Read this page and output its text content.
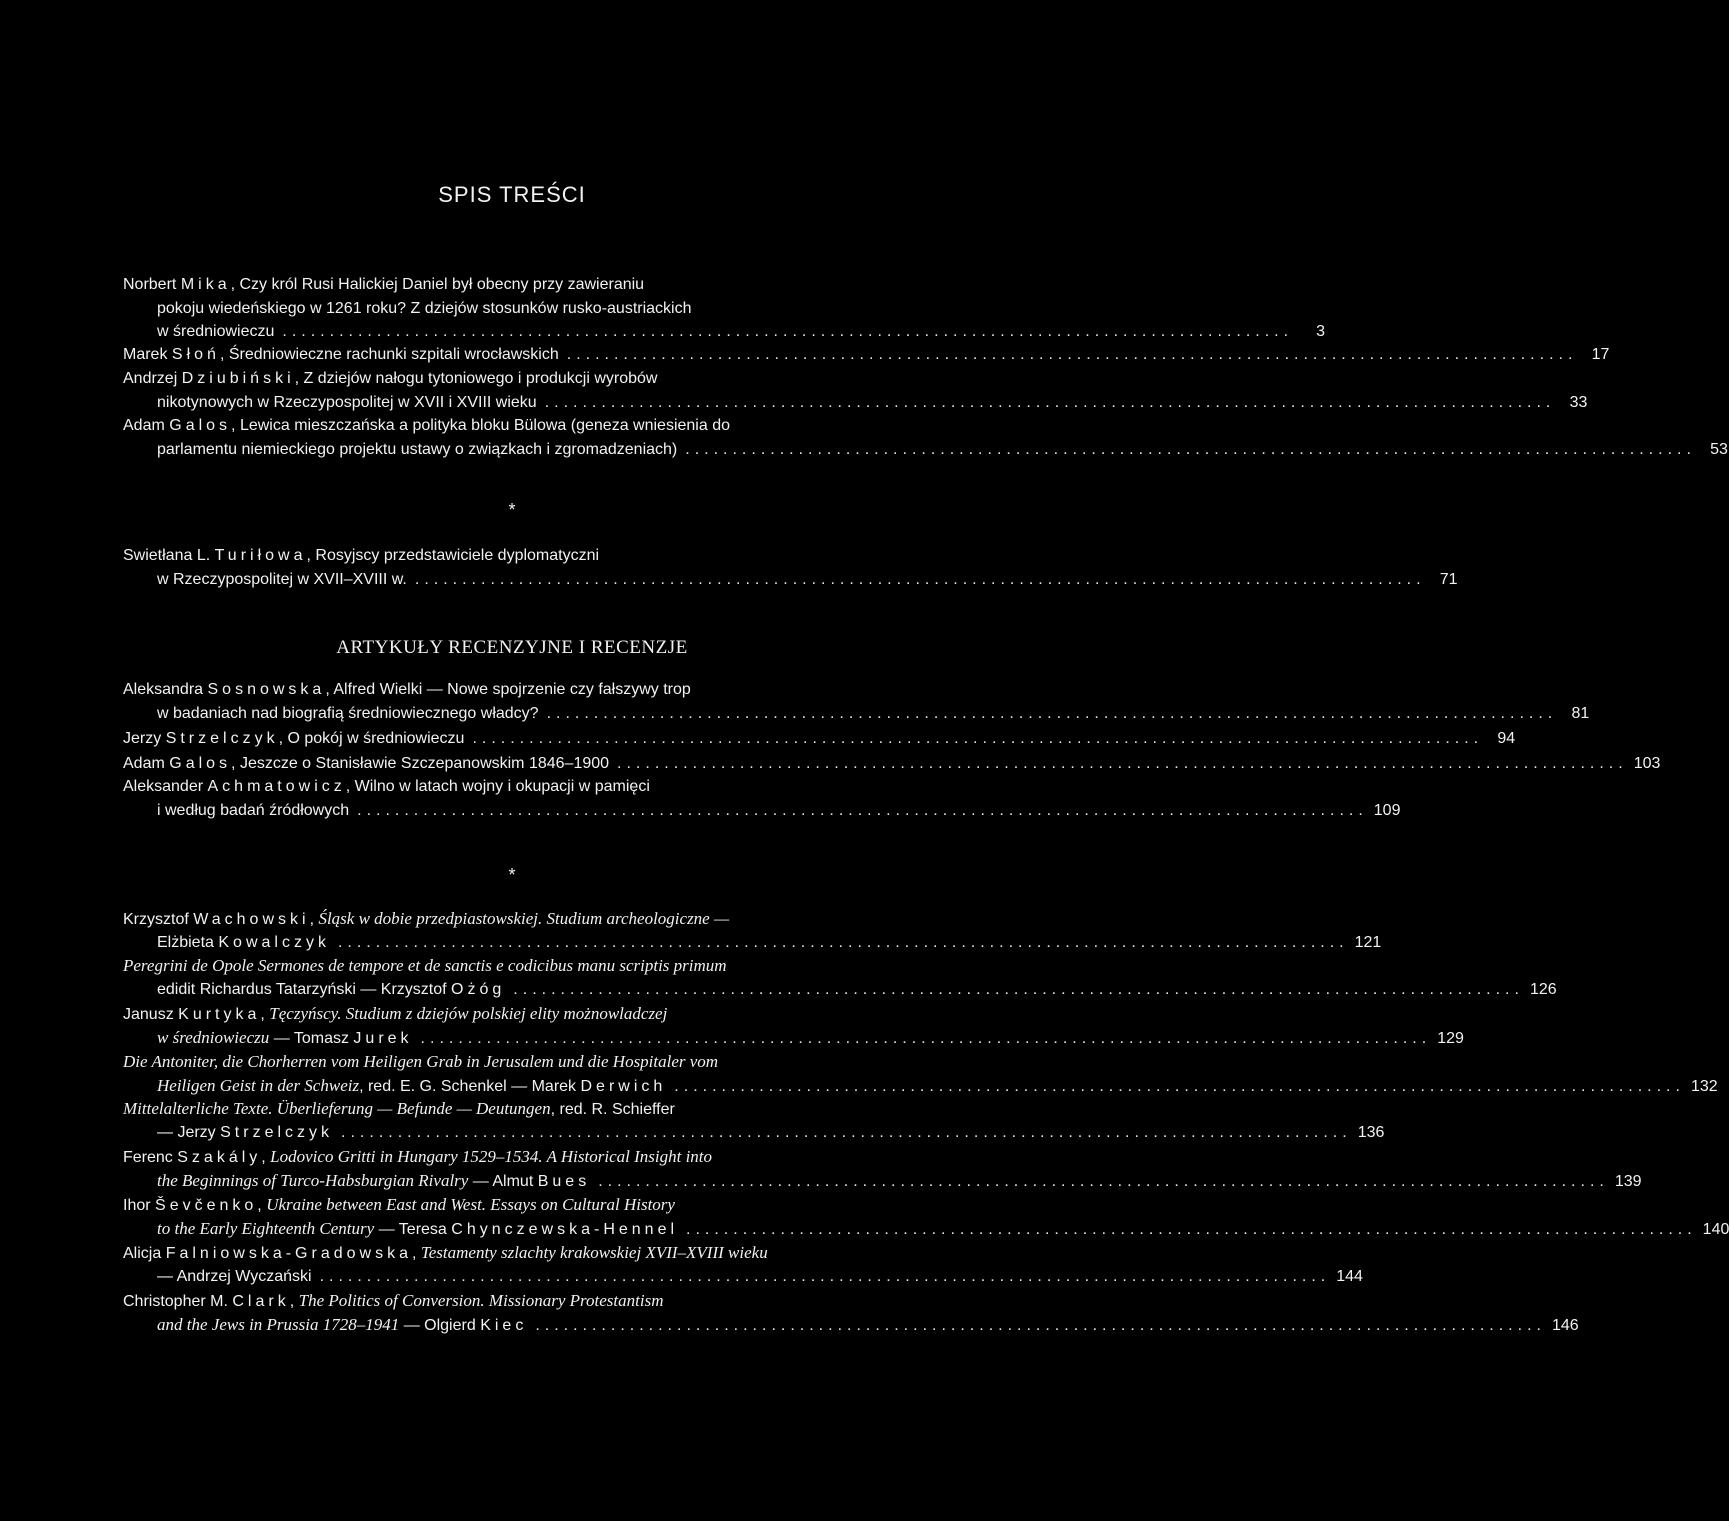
SPIS TREŚCI
Norbert Mika, Czy król Rusi Halickiej Daniel był obecny przy zawieraniu
pokoju wiedeńskiego w 1261 roku? Z dziejów stosunków rusko-austriackich
w średniowieczu ...........................................................................................................	3
Marek Słoń, Średniowieczne rachunki szpitali wrocławskich ........................................................................................................... 17
Andrzej Dziubiński, Z dziejów nałogu tytoniowego i produkcji wyrobów
nikotynowych w Rzeczypospolitej w XVII i XVIII wieku ........................................................................................................... 33
Adam Galos, Lewica mieszczańska a polityka bloku Bülowa (geneza wniesienia do
parlamentu niemieckiego projektu ustawy o związkach i zgromadzeniach) ........................................................................................................... 53
*
Swietłana L. Turiłowa, Rosyjscy przedstawiciele dyplomatyczni
w Rzeczypospolitej w XVII–XVIII w. ........................................................................................................... 71
ARTYKUŁY RECENZYJNE I RECENZJE
Aleksandra Sosnowska, Alfred Wielki — Nowe spojrzenie czy fałszywy trop
w badaniach nad biografią średniowiecznego władcy? ........................................................................................................... 81
Jerzy Strzelczyk, O pokój w średniowieczu ........................................................................................................... 94
Adam Galos, Jeszcze o Stanisławie Szczepanowskim 1846–1900 ........................................................................................................... 103
Aleksander Achmatowicz, Wilno w latach wojny i okupacji w pamięci
i według badań źródłowych ........................................................................................................... 109
*
Krzysztof Wachowski, Śląsk w dobie przedpiastowskiej. Studium archeologiczne —
Elżbieta Kowalczyk ........................................................................................................... 121
Peregrini de Opole Sermones de tempore et de sanctis e codicibus manu scriptis primum
edidit Richardus Tatarzyński — Krzysztof Ożóg ........................................................................................................... 126
Janusz Kurtyka, Tęczyńscy. Studium z dziejów polskiej elity możnowladczej
w średniowieczu — Tomasz Jurek ........................................................................................................... 129
Die Antoniter, die Chorherren vom Heiligen Grab in Jerusalem und die Hospitaler vom
Heiligen Geist in der Schweiz, red. E. G. Schenkel — Marek Derwich ........................................................................................................... 132
Mittelalterliche Texte. Überlieferung — Befunde — Deutungen, red. R. Schieffer
— Jerzy Strzelczyk ........................................................................................................... 136
Ferenc Szakály, Lodovico Gritti in Hungary 1529–1534. A Historical Insight into
the Beginnings of Turco-Habsburgian Rivalry — Almut Bues ........................................................................................................... 139
Ihor Ševčenko, Ukraine between East and West. Essays on Cultural History
to the Early Eighteenth Century — Teresa Chynczewska-Hennel ........................................................................................................... 140
Alicja Falniowska-Gradowska, Testamenty szlachty krakowskiej XVII–XVIII wieku
— Andrzej Wyczański ........................................................................................................... 144
Christopher M. Clark, The Politics of Conversion. Missionary Protestantism
and the Jews in Prussia 1728–1941 — Olgierd Kiec ........................................................................................................... 146
